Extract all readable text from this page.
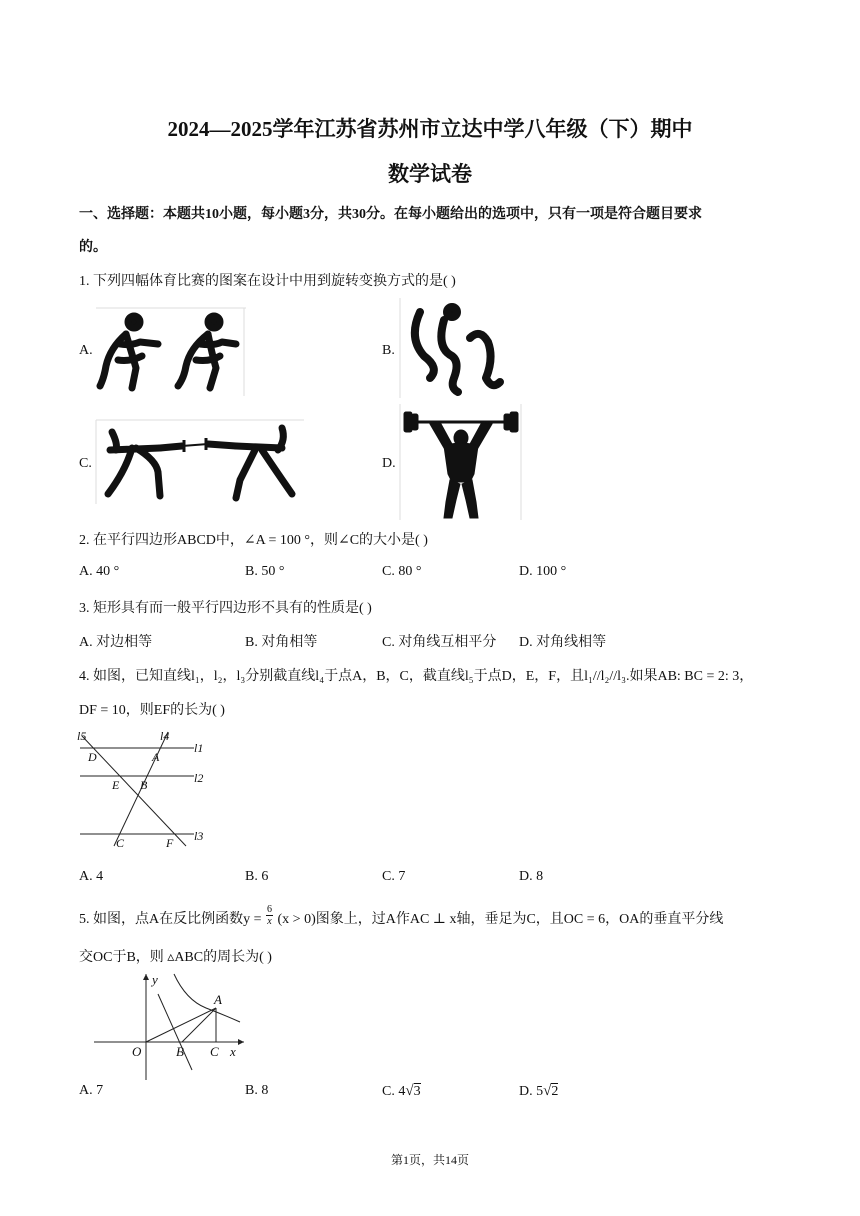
2024—2025学年江苏省苏州市立达中学八年级（下）期中
数学试卷
一、选择题：本题共10小题，每小题3分，共30分。在每小题给出的选项中，只有一项是符合题目要求
的。
1. 下列四幅体育比赛的图案在设计中用到旋转变换方式的是( )
A.	B.
C.	D.
2. 在平行四边形ABCD中，∠A = 100 °，则∠C的大小是( )
A. 40 °	B. 50 °	C. 80 °	D. 100 °
3. 矩形具有而一般平行四边形不具有的性质是( )
A. 对边相等	B. 对角相等	C. 对角线互相平分 D. 对角线相等
4. 如图，已知直线l₁，l₂，l₃分别截直线l₄于点A，B，C，截直线l₅于点D，E，F，且l₁//l₂//l₃.如果AB: BC = 2: 3，
DF = 10，则EF的长为( )
l5	l4
l1
l2
l3
D	A
E B
C	F
A. 4	B. 6	C. 7	D. 8
5. 如图，点A在反比例函数$y = \frac{6}{x} (x > 0)$图象上，过A作AC ⊥ x轴，垂足为C，且OC = 6，OA的垂直平分线
交OC于B，则 ▵ABC的周长为( )
y
A
O	B C x
A. 7	B. 8	C. 4√3	D. 5√2
第1页，共14页
